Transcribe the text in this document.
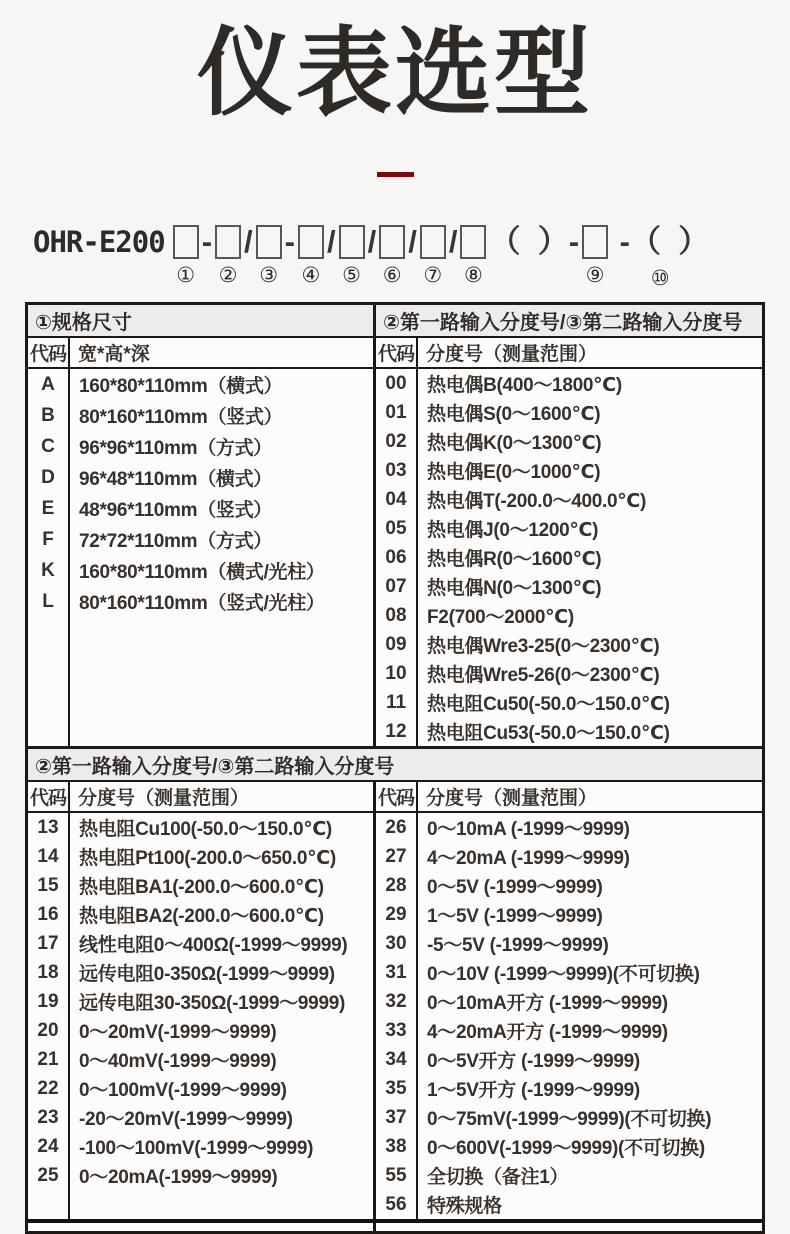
仪表选型
OHR-E200
①
-

②
/

③
-

④
/

⑤
/

⑥
/

⑦
/

⑧
（  ）-

⑨
-（  ）
⑩
①规格尺寸
代码 宽*高*深
A
B
C
D
E
F
K
L
160*80*110mm（横式）
80*160*110mm（竖式）
96*96*110mm（方式）
96*48*110mm（横式）
48*96*110mm（竖式）
72*72*110mm（方式）
160*80*110mm（横式/光柱）
80*160*110mm（竖式/光柱）
②第一路输入分度号/③第二路输入分度号
代码 分度号（测量范围）
00
01
02
03
04
05
06
07
08
09
10
11
12
热电偶B(400～1800℃)
热电偶S(0～1600℃)
热电偶K(0～1300℃)
热电偶E(0～1000℃)
热电偶T(-200.0～400.0℃)
热电偶J(0～1200℃)
热电偶R(0～1600℃)
热电偶N(0～1300℃)
F2(700～2000℃)
热电偶Wre3-25(0～2300℃)
热电偶Wre5-26(0～2300℃)
热电阻Cu50(-50.0～150.0℃)
热电阻Cu53(-50.0～150.0℃)
②第一路输入分度号/③第二路输入分度号
代码 分度号（测量范围）
13
14
15
16
17
18
19
20
21
22
23
24
25
热电阻Cu100(-50.0～150.0℃)
热电阻Pt100(-200.0～650.0℃)
热电阻BA1(-200.0～600.0℃)
热电阻BA2(-200.0～600.0℃)
线性电阻0～400Ω(-1999～9999)
远传电阻0-350Ω(-1999～9999)
远传电阻30-350Ω(-1999～9999)
0～20mV(-1999～9999)
0～40mV(-1999～9999)
0～100mV(-1999～9999)
-20～20mV(-1999～9999)
-100～100mV(-1999～9999)
0～20mA(-1999～9999)
代码 分度号（测量范围）
26
27
28
29
30
31
32
33
34
35
37
38
55
56
0～10mA (-1999～9999)
4～20mA (-1999～9999)
0～5V (-1999～9999)
1～5V (-1999～9999)
-5～5V (-1999～9999)
0～10V (-1999～9999)(不可切换)
0～10mA开方 (-1999～9999)
4～20mA开方 (-1999～9999)
0～5V开方 (-1999～9999)
1～5V开方 (-1999～9999)
0～75mV(-1999～9999)(不可切换)
0～600V(-1999～9999)(不可切换)
全切换（备注1）
特殊规格
